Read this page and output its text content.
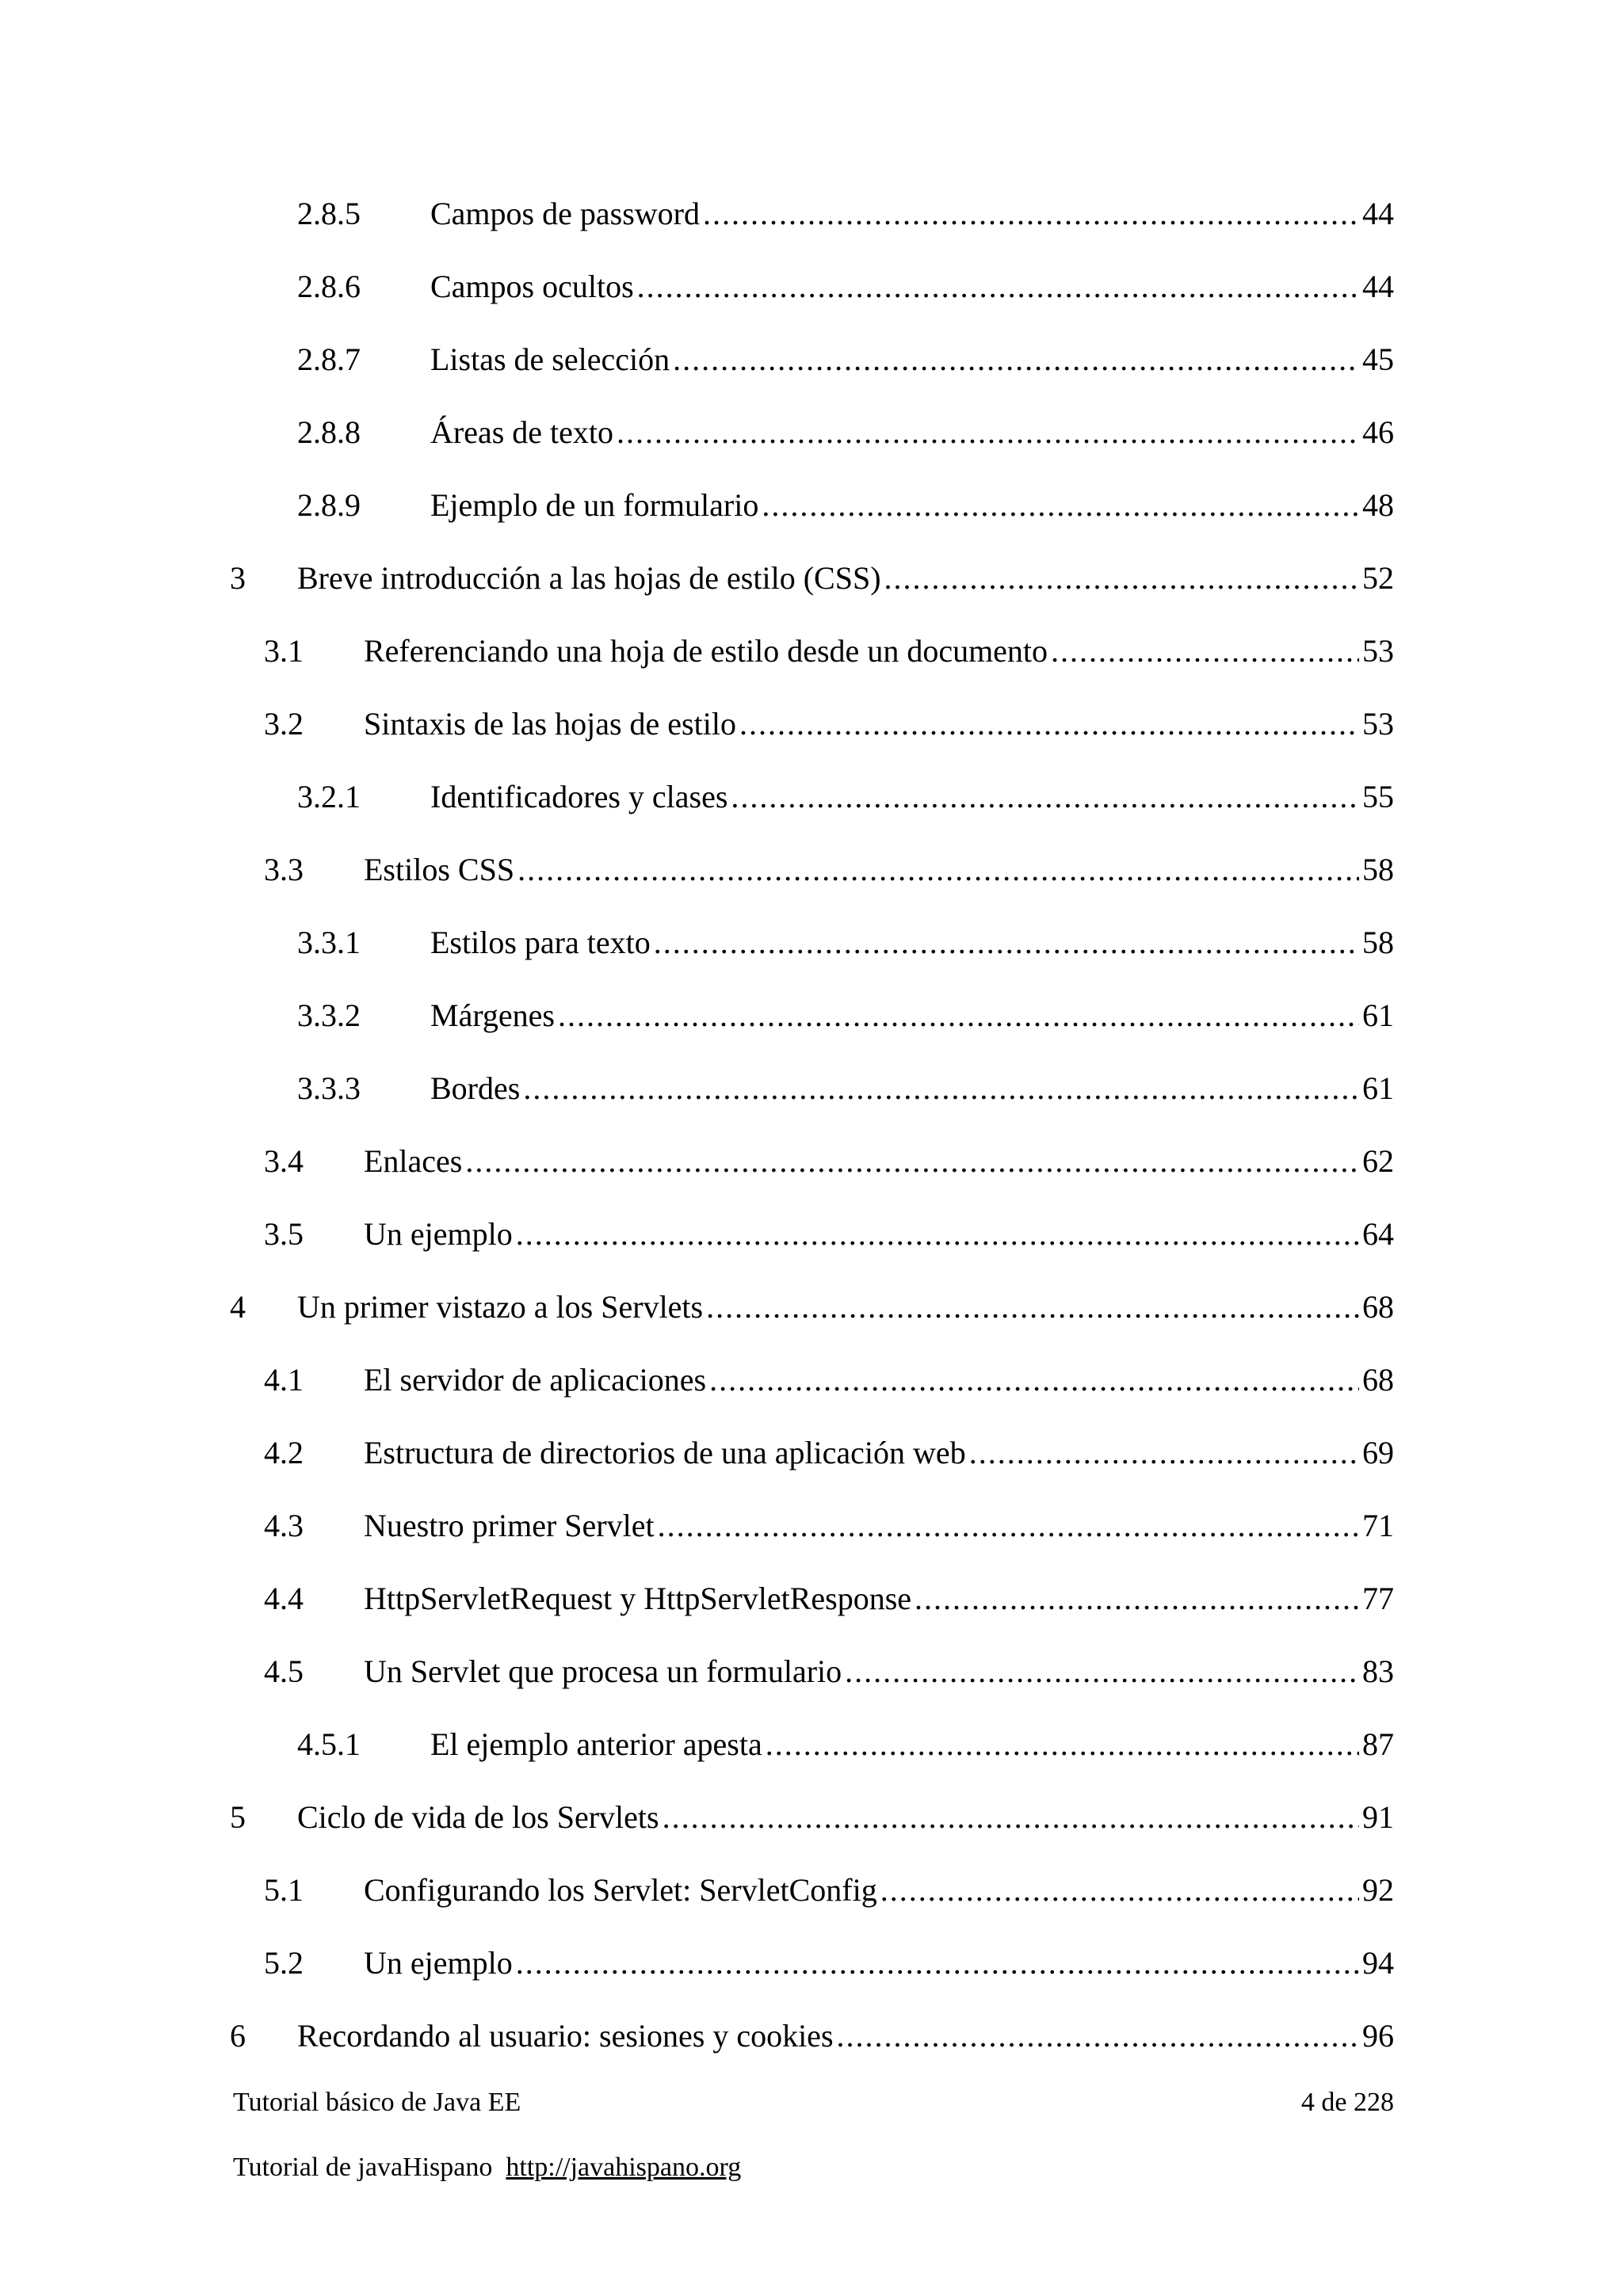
2.8.5	Campos de password .....	44
2.8.6	Campos ocultos .....	44
2.8.7	Listas de selección .....	45
2.8.8	Áreas de texto .....	46
2.8.9	Ejemplo de un formulario .....	48
3	Breve introducción a las hojas de estilo (CSS) .....	52
3.1	Referenciando una hoja de estilo desde un documento .....	53
3.2	Sintaxis de las hojas de estilo .....	53
3.2.1	Identificadores y clases .....	55
3.3	Estilos CSS .....	58
3.3.1	Estilos para texto .....	58
3.3.2	Márgenes .....	61
3.3.3	Bordes .....	61
3.4	Enlaces .....	62
3.5	Un ejemplo .....	64
4	Un primer vistazo a los Servlets .....	68
4.1	El servidor de aplicaciones .....	68
4.2	Estructura de directorios de una aplicación web .....	69
4.3	Nuestro primer Servlet .....	71
4.4	HttpServletRequest y HttpServletResponse .....	77
4.5	Un Servlet que procesa un formulario .....	83
4.5.1	El ejemplo anterior apesta .....	87
5	Ciclo de vida de los Servlets .....	91
5.1	Configurando los Servlet: ServletConfig .....	92
5.2	Un ejemplo .....	94
6	Recordando al usuario: sesiones y cookies .....	96
Tutorial básico de Java EE	4 de 228
Tutorial de javaHispano http://javahispano.org
